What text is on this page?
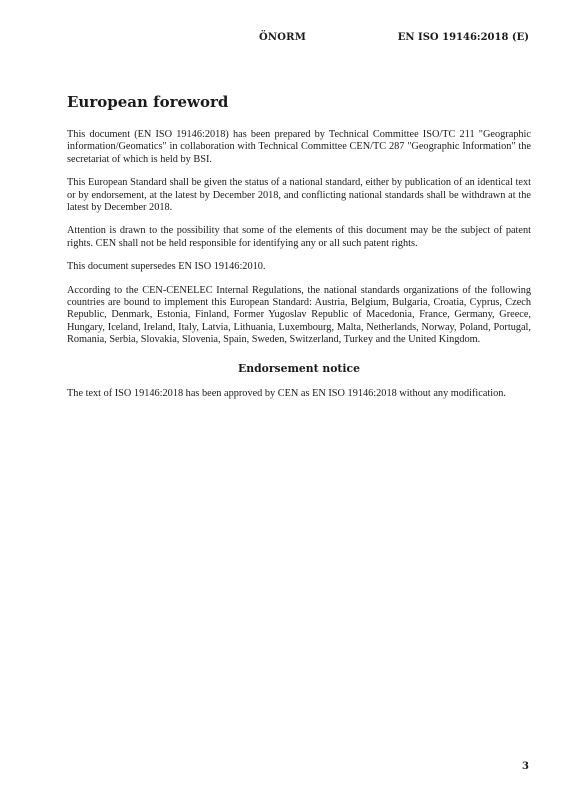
ÖNORM	EN ISO 19146:2018 (E)
European foreword

This document (EN ISO 19146:2018) has been prepared by Technical Committee ISO/TC 211 "Geographic information/Geomatics" in collaboration with Technical Committee CEN/TC 287 "Geographic Information" the secretariat of which is held by BSI.

This European Standard shall be given the status of a national standard, either by publication of an identical text or by endorsement, at the latest by December 2018, and conflicting national standards shall be withdrawn at the latest by December 2018.

Attention is drawn to the possibility that some of the elements of this document may be the subject of patent rights. CEN shall not be held responsible for identifying any or all such patent rights.

This document supersedes EN ISO 19146:2010.

According to the CEN-CENELEC Internal Regulations, the national standards organizations of the following countries are bound to implement this European Standard: Austria, Belgium, Bulgaria, Croatia, Cyprus, Czech Republic, Denmark, Estonia, Finland, Former Yugoslav Republic of Macedonia, France, Germany, Greece, Hungary, Iceland, Ireland, Italy, Latvia, Lithuania, Luxembourg, Malta, Netherlands, Norway, Poland, Portugal, Romania, Serbia, Slovakia, Slovenia, Spain, Sweden, Switzerland, Turkey and the United Kingdom.

Endorsement notice

The text of ISO 19146:2018 has been approved by CEN as EN ISO 19146:2018 without any modification.

3
